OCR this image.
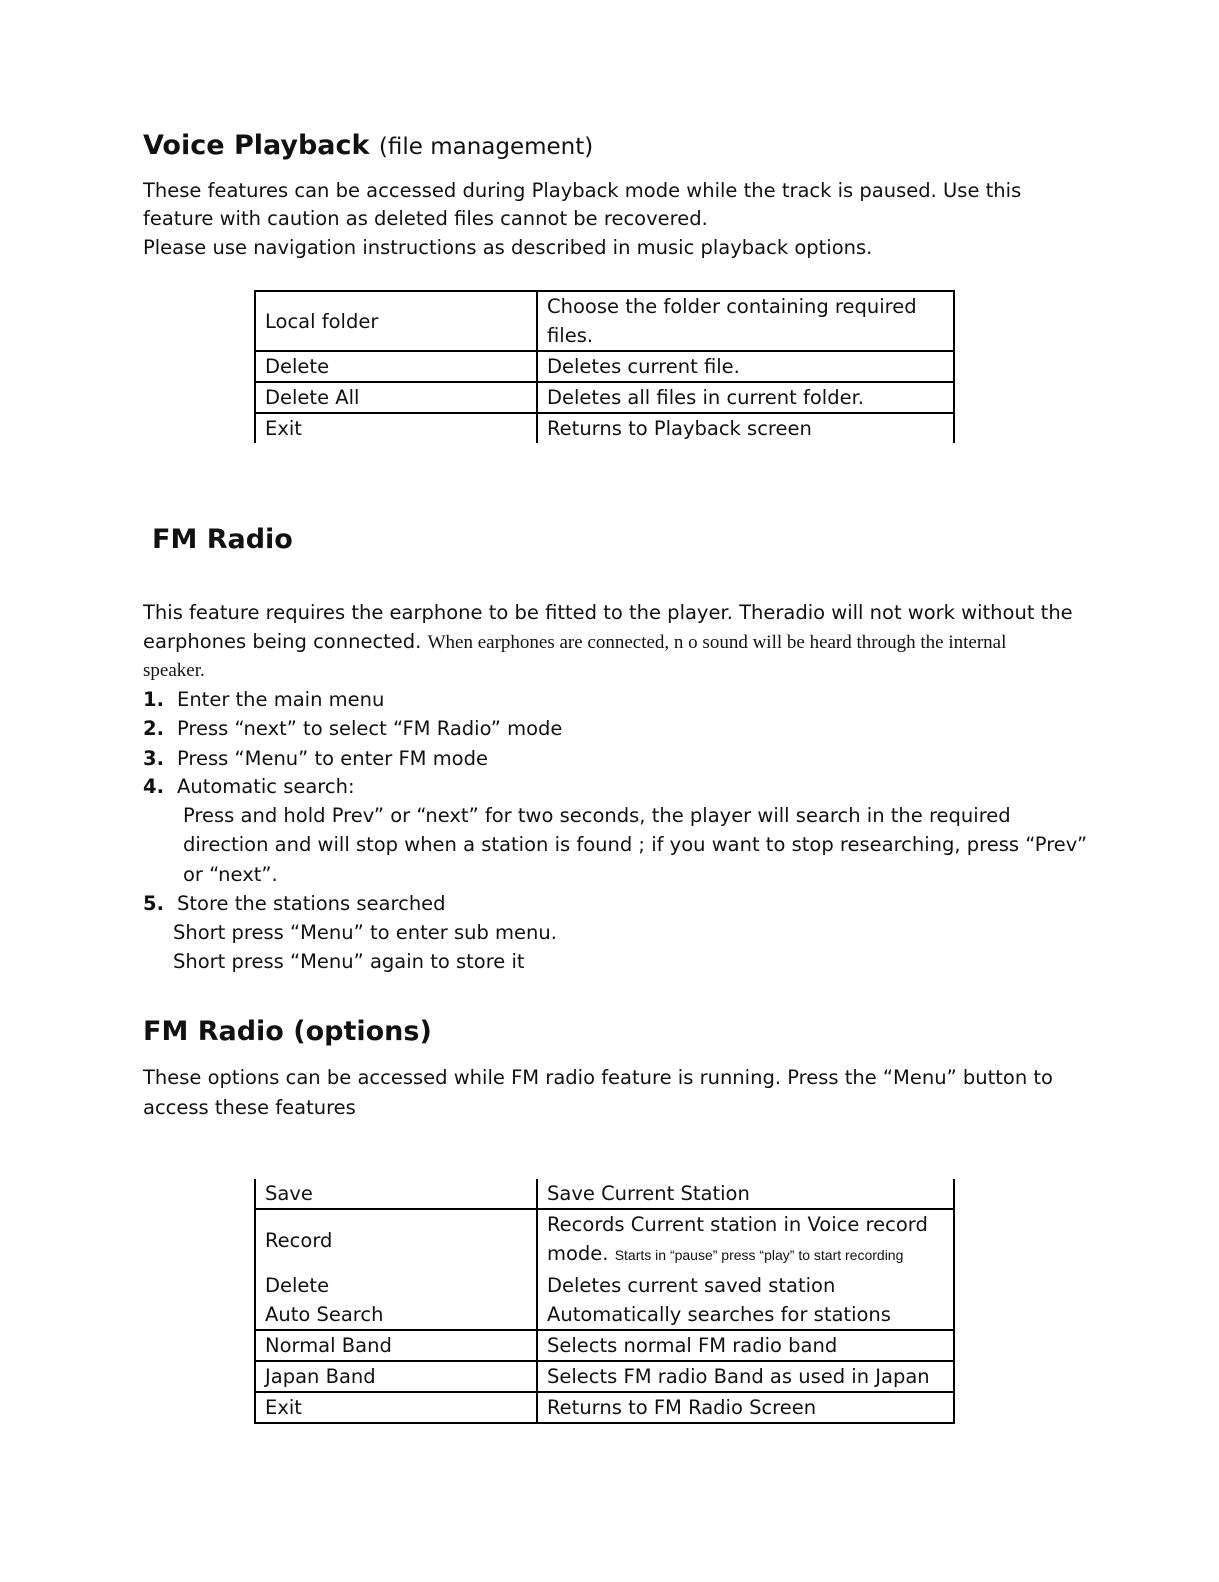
Voice Playback (file management)
These features can be accessed during Playback mode while the track is paused. Use this
feature with caution as deleted files cannot be recovered.
Please use navigation instructions as described in music playback options.
Local folder	Choose the folder containing required
files.

Delete	Deletes current file.
Delete All	Deletes all files in current folder.
Exit	Returns to Playback screen
FM Radio
This feature requires the earphone to be fitted to the player. Theradio will not work without the
earphones being connected. When earphones are connected, n o sound will be heard through the internal
speaker.
1. Enter the main menu
2. Press “next” to select “FM Radio” mode
3. Press “Menu” to enter FM mode
4. Automatic search:
Press and hold Prev” or “next” for two seconds, the player will search in the required
direction and will stop when a station is found ; if you want to stop researching, press “Prev”
or “next”.
5. Store the stations searched
Short press “Menu” to enter sub menu.
Short press “Menu” again to store it
FM Radio (options)
These options can be accessed while FM radio feature is running. Press the “Menu” button to
access these features
Save	Save Current Station
Record	Records Current station in Voice record
mode. Starts in “pause” press “play” to start recording

Delete	Deletes current saved station
Auto Search	Automatically searches for stations
Normal Band	Selects normal FM radio band
Japan Band	Selects FM radio Band as used in Japan
Exit	Returns to FM Radio Screen
